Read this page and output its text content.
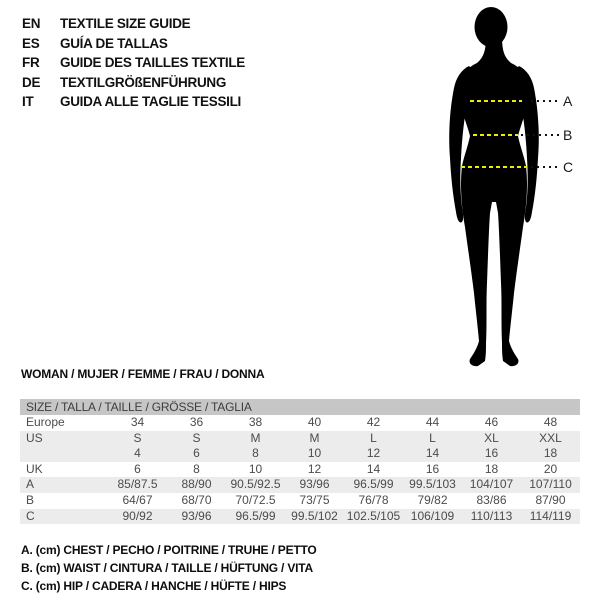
EN	TEXTILE SIZE GUIDE
ES	GUÍA DE TALLAS
FR	GUIDE DES TAILLES TEXTILE
DE	TEXTILGRÖßENFÜHRUNG
IT	GUIDA ALLE TAGLIE TESSILI	A
B
C
WOMAN / MUJER / FEMME / FRAU / DONNA
SIZE / TALLA / TAILLE / GRÖSSE / TAGLIA
Europe	34	36	38	40	42	44	46	48
US	S	S	M	M	L	L	XL	XXL
4	6	8	10	12	14	16	18
UK	6	8	10	12	14	16	18	20
A	85/87.5	88/90	90.5/92.5	93/96	96.5/99	99.5/103	104/107	107/110
B	64/67	68/70	70/72.5	73/75	76/78	79/82	83/86	87/90
C	90/92	93/96	96.5/99	99.5/102 102.5/105 106/109	110/113	114/119
A. (cm) CHEST / PECHO / POITRINE / TRUHE / PETTO
B. (cm) WAIST / CINTURA / TAILLE / HÜFTUNG / VITA
C. (cm) HIP / CADERA / HANCHE / HÜFTE / HIPS
